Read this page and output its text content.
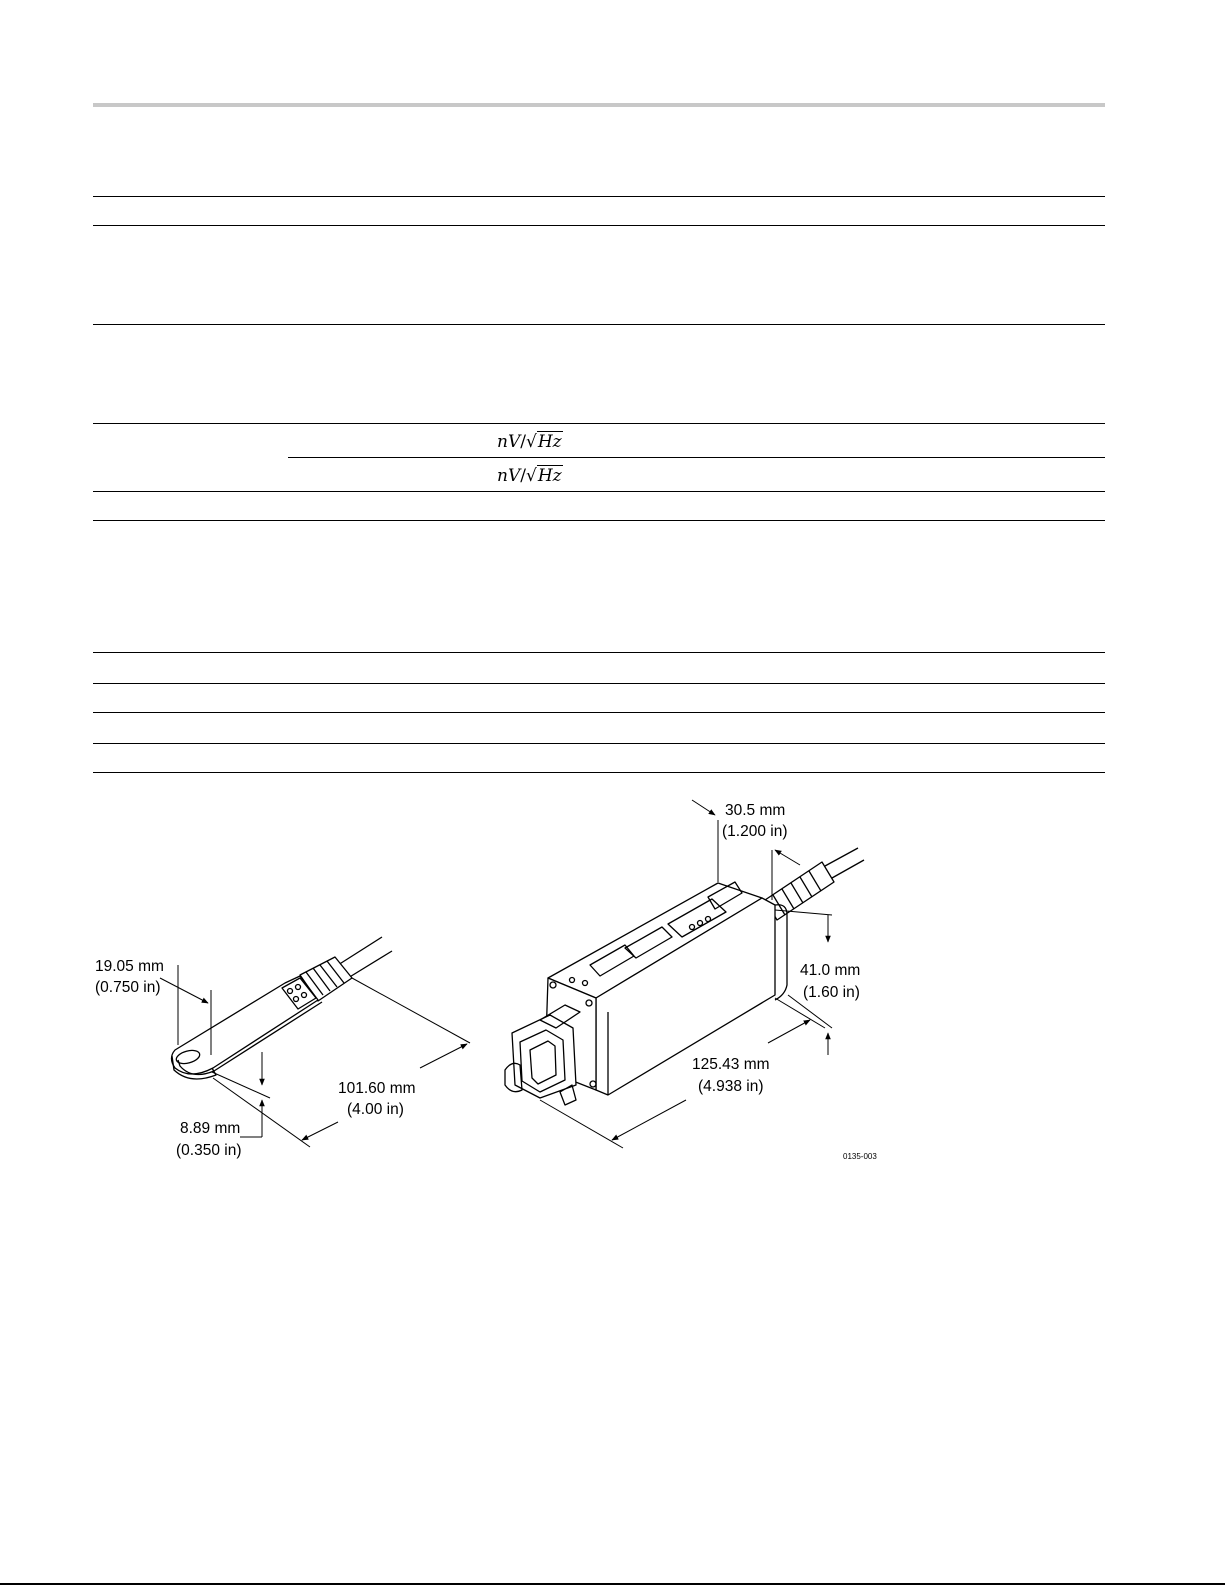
nV/√Hz
nV/√Hz
19.05 mm
(0.750 in)
101.60 mm
(4.00 in)
8.89 mm
(0.350 in)
30.5 mm
(1.200 in)
41.0 mm
(1.60 in)
125.43 mm
(4.938 in)
0135-003
